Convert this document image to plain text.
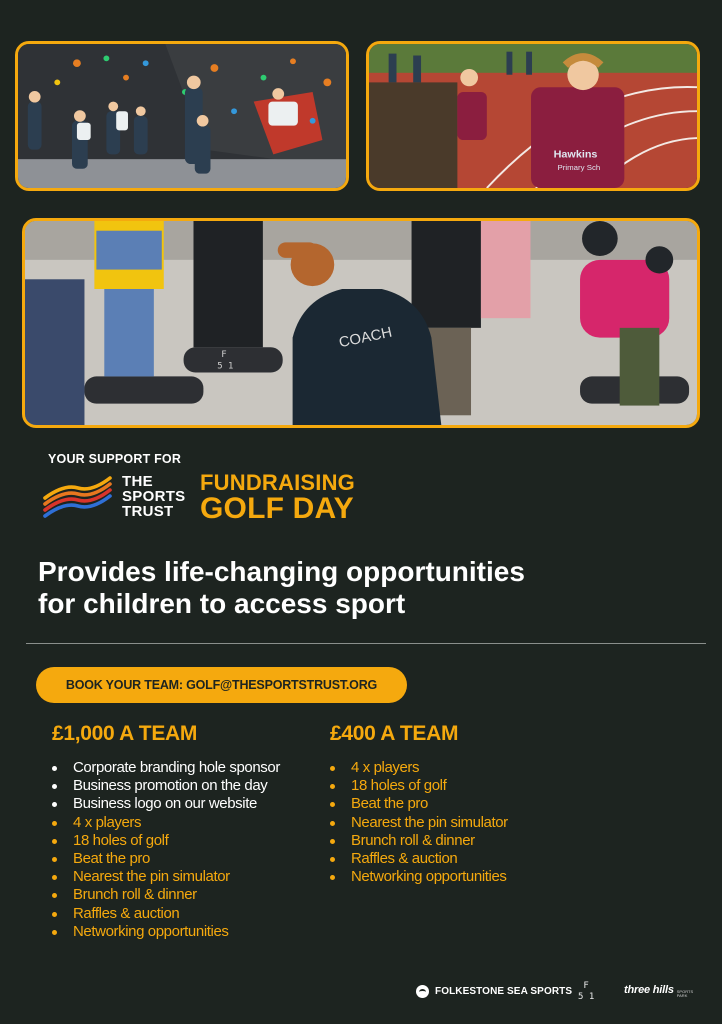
Hawkins
Primary Sch
COACH
F
5 1
YOUR SUPPORT FOR
THE
SPORTS
TRUST
FUNDRAISING
GOLF DAY
Provides life-changing opportunities
for children to access sport
BOOK YOUR TEAM:
GOLF@THESPORTSTRUST.ORG
£1,000 A TEAM
Corporate branding hole sponsor
Business promotion on the day
Business logo on our website
4 x players
18 holes of golf
Beat the pro
Nearest the pin simulator
Brunch roll & dinner
Raffles & auction
Networking opportunities
£400 A TEAM
4 x players
18 holes of golf
Beat the pro
Nearest the pin simulator
Brunch roll & dinner
Raffles & auction
Networking opportunities
FOLKESTONE SEA SPORTS	F
5 1
three hills SPORTS PARK
